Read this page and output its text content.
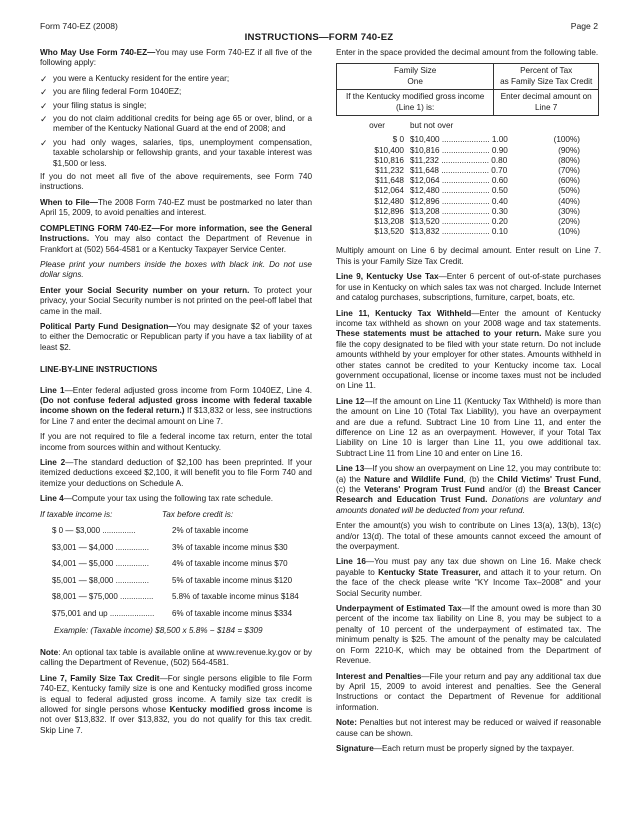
Form 740-EZ (2008)	Page 2
INSTRUCTIONS—FORM 740-EZ

Who May Use Form 740-EZ—You may use Form 740-EZ if all five of the following apply:

✓ you were a Kentucky resident for the entire year;
✓ you are filing federal Form 1040EZ;
✓ your filing status is single;
✓ you do not claim additional credits for being age 65 or over, blind, or a member of the Kentucky National Guard at the end of 2008; and
✓ you had only wages, salaries, tips, unemployment compensation, taxable scholarship or fellowship grants, and your taxable interest was $1,500 or less.

If you do not meet all five of the above requirements, see Form 740 instructions.

When to File—The 2008 Form 740-EZ must be postmarked no later than April 15, 2009, to avoid penalties and interest.

COMPLETING FORM 740-EZ—For more information, see the General Instructions. You may also contact the Department of Revenue in Frankfort at (502) 564-4581 or a Kentucky Taxpayer Service Center.

Please print your numbers inside the boxes with black ink. Do not use dollar signs.

Enter your Social Security number on your return. To protect your privacy, your Social Security number is not printed on the peel-off label that came in the mail.

Political Party Fund Designation—You may designate $2 of your taxes to either the Democratic or Republican party if you have a tax liability of at least $2.

LINE-BY-LINE INSTRUCTIONS

Line 1—Enter federal adjusted gross income from Form 1040EZ, Line 4. (Do not confuse federal adjusted gross income with federal taxable income shown on the federal return.) If $13,832 or less, see instructions for Line 7 and enter the decimal amount on Line 7.

If you are not required to file a federal income tax return, enter the total income from sources within and without Kentucky.

Line 2—The standard deduction of $2,100 has been preprinted. If your itemized deductions exceed $2,100, it will benefit you to file Form 740 and itemize your deductions on Schedule A.

Line 4—Compute your tax using the following tax rate schedule.

If taxable income is:	Tax before credit is:
$ 0 — $3,000 ...............	2% of taxable income
$3,001 — $4,000 ...............	3% of taxable income minus $30
$4,001 — $5,000 ...............	4% of taxable income minus $70
$5,001 — $8,000 ...............	5% of taxable income minus $120
$8,001 — $75,000 ...............	5.8% of taxable income minus $184
$75,001 and up ....................	6% of taxable income minus $334
Example: (Taxable income) $8,500 x 5.8% − $184 = $309

Note: An optional tax table is available online at www.revenue.ky.gov or by calling the Department of Revenue, (502) 564-4581.

Line 7, Family Size Tax Credit—For single persons eligible to file Form 740-EZ, Kentucky family size is one and Kentucky modified gross income is equal to federal adjusted gross income. A family size tax credit is allowed for single persons whose Kentucky modified gross income is not over $13,832. If over $13,832, you do not qualify for this tax credit. Skip Line 7.

Enter in the space provided the decimal amount from the following table.

Family Size
One	Percent of Tax
as Family Size Tax Credit
If the Kentucky modified gross income (Line 1) is:	Enter decimal amount on Line 7
over	but not over
$ 0 $10,400 ..................... 1.00	(100%)
$10,400 $10,816 ..................... 0.90	(90%)
$10,816 $11,232 ..................... 0.80	(80%)
$11,232 $11,648 ..................... 0.70	(70%)
$11,648 $12,064 ..................... 0.60	(60%)
$12,064 $12,480 ..................... 0.50	(50%)
$12,480 $12,896 ..................... 0.40	(40%)
$12,896 $13,208 ..................... 0.30	(30%)
$13,208 $13,520 ..................... 0.20	(20%)
$13,520 $13,832 ..................... 0.10	(10%)

Multiply amount on Line 6 by decimal amount. Enter result on Line 7. This is your Family Size Tax Credit.

Line 9, Kentucky Use Tax—Enter 6 percent of out-of-state purchases for use in Kentucky on which sales tax was not charged. Include Internet and catalog purchases, subscriptions, furniture, carpet, boats, etc.

Line 11, Kentucky Tax Withheld—Enter the amount of Kentucky income tax withheld as shown on your 2008 wage and tax statements. These statements must be attached to your return. Make sure you file the copy designated to be filed with your state return. Do not include amounts withheld by your employer for other states. Amounts withheld in other states cannot be credited to your Kentucky income tax. Local government occupational, license or income taxes must not be included on Line 11.

Line 12—If the amount on Line 11 (Kentucky Tax Withheld) is more than the amount on Line 10 (Total Tax Liability), you have an overpayment and are due a refund. Subtract Line 10 from Line 11, and enter the difference on Line 12 as an overpayment. However, if your Total Tax Liability on Line 10 is larger than Line 11, you owe additional tax. Subtract Line 11 from Line 10 and enter on Line 16.

Line 13—If you show an overpayment on Line 12, you may contribute to: (a) the Nature and Wildlife Fund, (b) the Child Victims' Trust Fund, (c) the Veterans' Program Trust Fund and/or (d) the Breast Cancer Research and Education Trust Fund. Donations are voluntary and amounts donated will be deducted from your refund.

Enter the amount(s) you wish to contribute on Lines 13(a), 13(b), 13(c) and/or 13(d). The total of these amounts cannot exceed the amount of the overpayment.

Line 16—You must pay any tax due shown on Line 16. Make check payable to Kentucky State Treasurer, and attach it to your return. On the face of the check please write "KY Income Tax–2008" and your Social Security number.

Underpayment of Estimated Tax—If the amount owed is more than 30 percent of the income tax liability on Line 8, you may be subject to a penalty of 10 percent of the underpayment of estimated tax. The minimum penalty is $25. The amount of the penalty may be calculated on Form 2210-K, which may be obtained from the Department of Revenue.

Interest and Penalties—File your return and pay any additional tax due by April 15, 2009 to avoid interest and penalties. See the General Instructions or contact the Department of Revenue for additional information.

Note: Penalties but not interest may be reduced or waived if reasonable cause can be shown.

Signature—Each return must be properly signed by the taxpayer.
